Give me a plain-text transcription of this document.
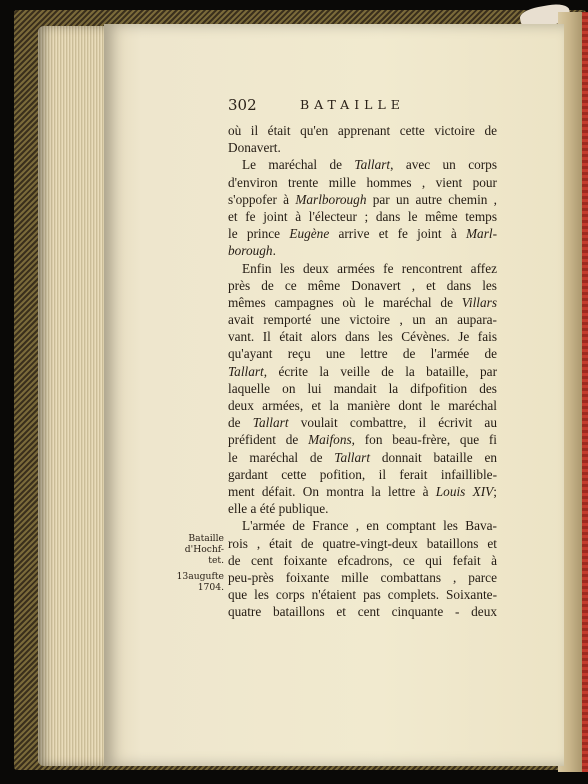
302	BATAILLE
où il était qu'en apprenant cette victoire de
Donavert.
Le maréchal de Tallart, avec un corps
d'environ trente mille hommes , vient pour
s'oppofer à Marlborough par un autre chemin ,
et fe joint à l'électeur ; dans le même temps
le prince Eugène arrive et fe joint à Marl-
borough.
Enfin les deux armées fe rencontrent affez
près de ce même Donavert , et dans les
mêmes campagnes où le maréchal de Villars
avait remporté une victoire , un an aupara-
vant. Il était alors dans les Cévènes. Je fais
qu'ayant reçu une lettre de l'armée de
Tallart, écrite la veille de la bataille, par
laquelle on lui mandait la difpofition des
deux armées, et la manière dont le maréchal
de Tallart voulait combattre, il écrivit au
préfident de Maifons, fon beau-frère, que fi
le maréchal de Tallart donnait bataille en
gardant cette pofition, il ferait infaillible-
ment défait. On montra la lettre à Louis XIV;
elle a été publique.
L'armée de France , en comptant les Bava-
rois , était de quatre-vingt-deux bataillons et
de cent foixante efcadrons, ce qui fefait à
peu-près foixante mille combattans , parce
que les corps n'étaient pas complets. Soixante-
quatre bataillons et cent cinquante - deux
Bataille
d'Hochf-
tet.
13augufte
1704.
